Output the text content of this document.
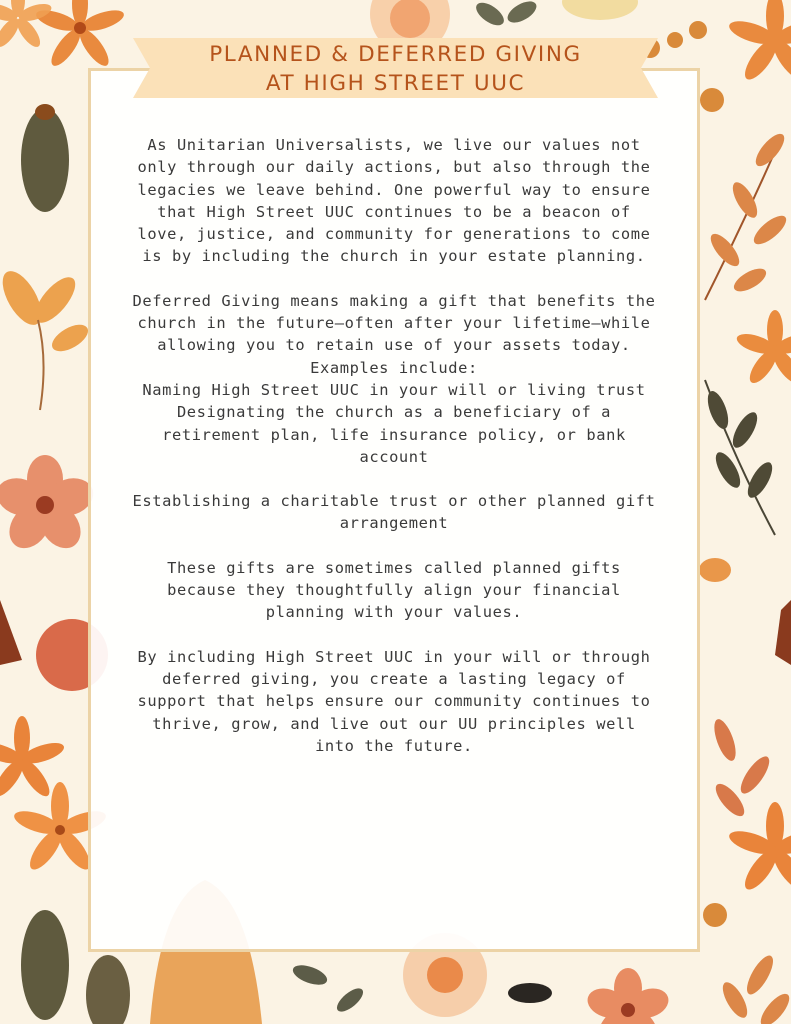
PLANNED & DEFERRED GIVING
AT HIGH STREET UUC

As Unitarian Universalists, we live our values not only through our daily actions, but also through the legacies we leave behind. One powerful way to ensure that High Street UUC continues to be a beacon of love, justice, and community for generations to come is by including the church in your estate planning.

Deferred Giving means making a gift that benefits the church in the future—often after your lifetime—while allowing you to retain use of your assets today. Examples include:

Naming High Street UUC in your will or living trust

Designating the church as a beneficiary of a retirement plan, life insurance policy, or bank account

Establishing a charitable trust or other planned gift arrangement

These gifts are sometimes called planned gifts because they thoughtfully align your financial planning with your values.

By including High Street UUC in your will or through deferred giving, you create a lasting legacy of support that helps ensure our community continues to thrive, grow, and live out our UU principles well into the future.
